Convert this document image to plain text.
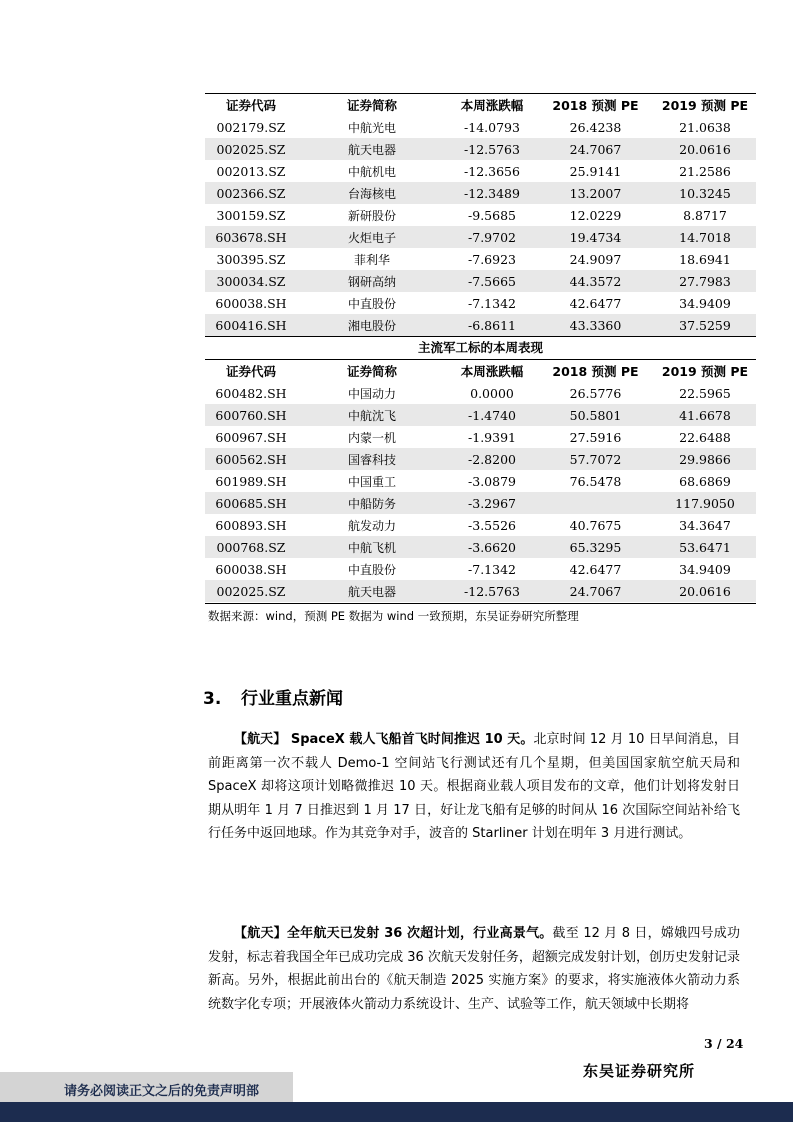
证券代码	证券简称	本周涨跌幅	2018 预测 PE	2019 预测 PE
002179.SZ	中航光电	-14.0793	26.4238	21.0638
002025.SZ	航天电器	-12.5763	24.7067	20.0616
002013.SZ	中航机电	-12.3656	25.9141	21.2586
002366.SZ	台海核电	-12.3489	13.2007	10.3245
300159.SZ	新研股份	-9.5685	12.0229	8.8717
603678.SH	火炬电子	-7.9702	19.4734	14.7018
300395.SZ	菲利华	-7.6923	24.9097	18.6941
300034.SZ	钢研高纳	-7.5665	44.3572	27.7983
600038.SH	中直股份	-7.1342	42.6477	34.9409
600416.SH	湘电股份	-6.8611	43.3360	37.5259
主流军工标的本周表现
证券代码	证券简称	本周涨跌幅	2018 预测 PE	2019 预测 PE
600482.SH	中国动力	0.0000	26.5776	22.5965
600760.SH	中航沈飞	-1.4740	50.5801	41.6678
600967.SH	内蒙一机	-1.9391	27.5916	22.6488
600562.SH	国睿科技	-2.8200	57.7072	29.9866
601989.SH	中国重工	-3.0879	76.5478	68.6869
600685.SH	中船防务	-3.2967		117.9050
600893.SH	航发动力	-3.5526	40.7675	34.3647
000768.SZ	中航飞机	-3.6620	65.3295	53.6471
600038.SH	中直股份	-7.1342	42.6477	34.9409
002025.SZ	航天电器	-12.5763	24.7067	20.0616
数据来源：wind，预测 PE 数据为 wind 一致预期，东吴证券研究所整理
3. 行业重点新闻
【航天】 SpaceX 载人飞船首飞时间推迟 10 天。北京时间 12 月 10 日早间消息，目前距离第一次不载人 Demo-1 空间站飞行测试还有几个星期，但美国国家航空航天局和 SpaceX 却将这项计划略微推迟 10 天。根据商业载人项目发布的文章，他们计划将发射日期从明年 1 月 7 日推迟到 1 月 17 日，好让龙飞船有足够的时间从 16 次国际空间站补给飞行任务中返回地球。作为其竞争对手，波音的 Starliner 计划在明年 3 月进行测试。
【航天】全年航天已发射 36 次超计划，行业高景气。截至 12 月 8 日，嫦娥四号成功发射，标志着我国全年已成功完成 36 次航天发射任务，超额完成发射计划，创历史发射记录新高。另外，根据此前出台的《航天制造 2025 实施方案》的要求，将实施液体火箭动力系统数字化专项；开展液体火箭动力系统设计、生产、试验等工作，航天领域中长期将
3 / 24
东吴证券研究所
请务必阅读正文之后的免责声明部
